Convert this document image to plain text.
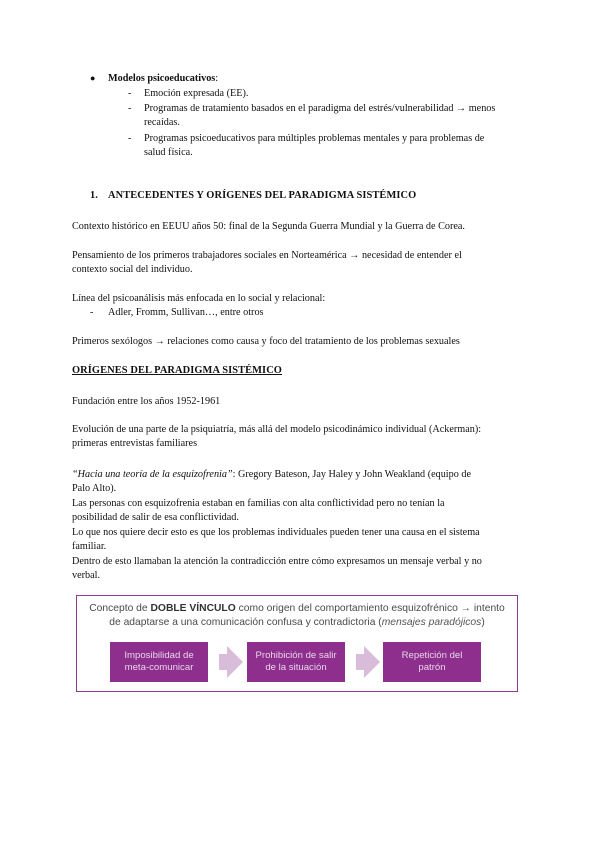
● Modelos psicoeducativos:
- Emoción expresada (EE).
- Programas de tratamiento basados en el paradigma del estrés/vulnerabilidad → menos
recaídas.
- Programas psicoeducativos para múltiples problemas mentales y para problemas de
salud física.
1. ANTECEDENTES Y ORÍGENES DEL PARADIGMA SISTÉMICO
Contexto histórico en EEUU años 50: final de la Segunda Guerra Mundial y la Guerra de Corea.
Pensamiento de los primeros trabajadores sociales en Norteamérica → necesidad de entender el
contexto social del individuo.
Línea del psicoanálisis más enfocada en lo social y relacional:
- Adler, Fromm, Sullivan…, entre otros
Primeros sexólogos → relaciones como causa y foco del tratamiento de los problemas sexuales
ORÍGENES DEL PARADIGMA SISTÉMICO
Fundación entre los años 1952-1961
Evolución de una parte de la psiquiatría, más allá del modelo psicodinámico individual (Ackerman):
primeras entrevistas familiares
“Hacia una teoría de la esquizofrenia”: Gregory Bateson, Jay Haley y John Weakland (equipo de
Palo Alto).
Las personas con esquizofrenia estaban en familias con alta conflictividad pero no tenían la
posibilidad de salir de esa conflictividad.
Lo que nos quiere decir esto es que los problemas individuales pueden tener una causa en el sistema
familiar.
Dentro de esto llamaban la atención la contradicción entre cómo expresamos un mensaje verbal y no
verbal.
Concepto de DOBLE VÍNCULO como origen del comportamiento esquizofrénico → intento
de adaptarse a una comunicación confusa y contradictoria (mensajes paradójicos)
Imposibilidad de meta-comunicar
Prohibición de salir de la situación
Repetición del patrón
